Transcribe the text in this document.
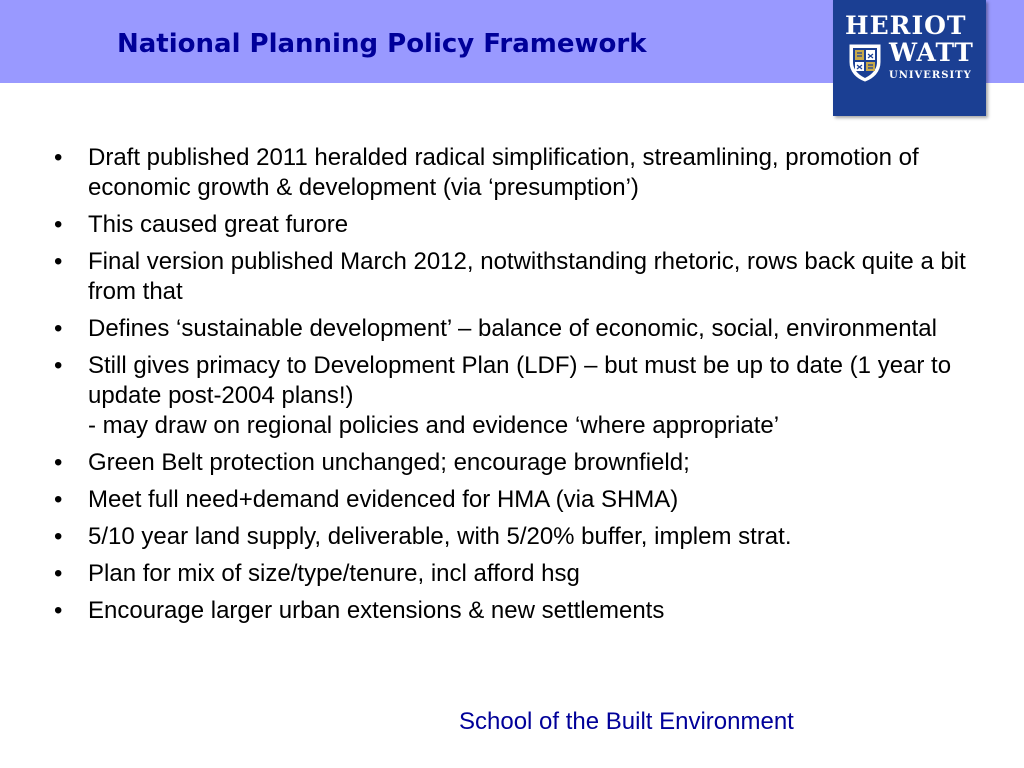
National Planning Policy Framework
HERIOT
WATT
UNIVERSITY
• Draft published 2011 heralded radical simplification, streamlining, promotion of economic growth & development (via ‘presumption’)
• This caused great furore
• Final version published March 2012, notwithstanding rhetoric, rows back quite a bit from that
• Defines ‘sustainable development’ – balance of economic, social, environmental
• Still gives primacy to Development Plan (LDF) – but must be up to date (1 year to update post-2004 plans!)
- may draw on regional policies and evidence ‘where appropriate’
• Green Belt protection unchanged; encourage brownfield;
• Meet full need+demand evidenced for HMA (via SHMA)
• 5/10 year land supply, deliverable, with 5/20% buffer, implem strat.
• Plan for mix of size/type/tenure, incl afford hsg
• Encourage larger urban extensions & new settlements
School of the Built Environment
